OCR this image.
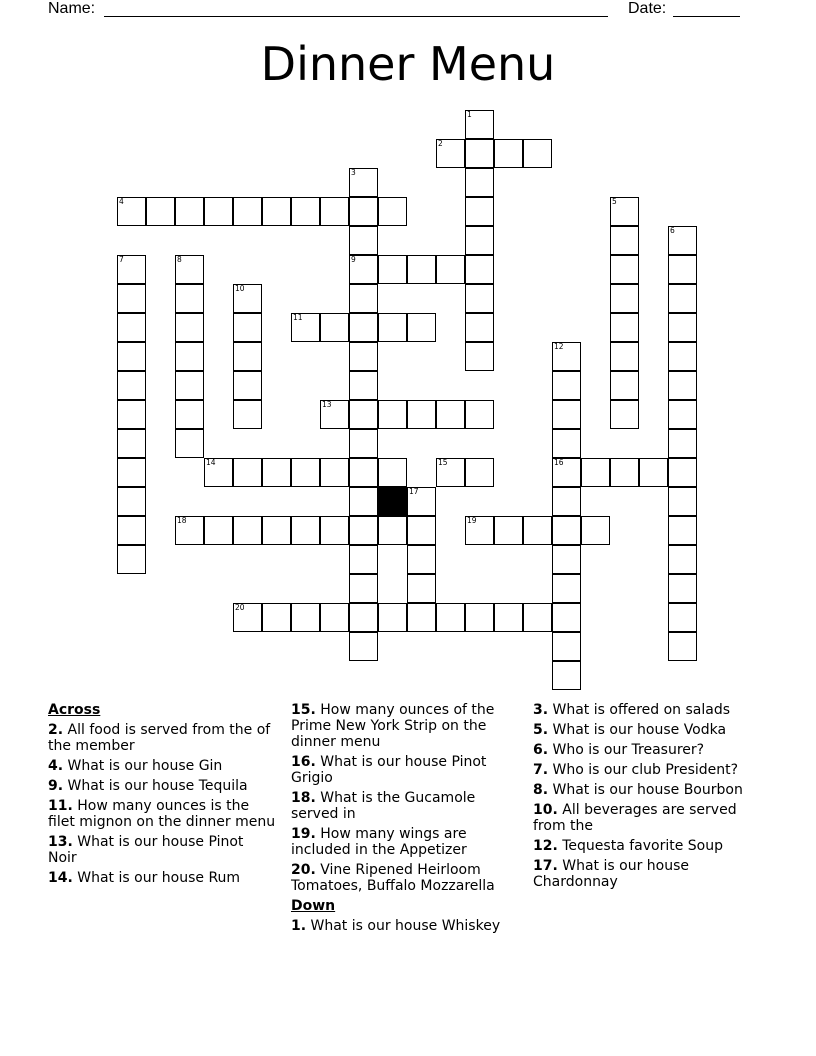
Name:	Date:
Dinner Menu
1
2
3
4	5
6
7	8	9
10
11
12
13
14	15	16
17
18	19
20
Across
2. All food is served from the of the member
4. What is our house Gin
9. What is our house Tequila
11. How many ounces is the filet mignon on the dinner menu
13. What is our house Pinot Noir
14. What is our house Rum
15. How many ounces of the Prime New York Strip on the dinner menu
16. What is our house Pinot Grigio
18. What is the Gucamole served in
19. How many wings are included in the Appetizer
20. Vine Ripened Heirloom Tomatoes, Buffalo Mozzarella
Down
1. What is our house Whiskey
3. What is offered on salads
5. What is our house Vodka
6. Who is our Treasurer?
7. Who is our club President?
8. What is our house Bourbon
10. All beverages are served from the
12. Tequesta favorite Soup
17. What is our house Chardonnay
